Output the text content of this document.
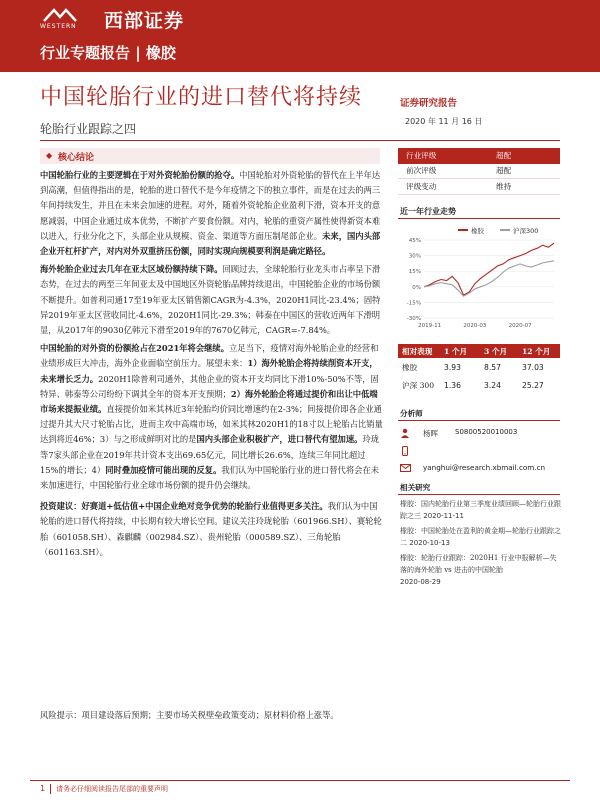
WESTERN 西部证券
行业专题报告 | 橡胶
中国轮胎行业的进口替代将持续	证券研究报告
2020 年 11 月 16 日
轮胎行业跟踪之四
◆ 核心结论

中国轮胎行业的主要逻辑在于对外资轮胎份额的抢夺。中国轮胎对外资轮胎的替代在上半年达到高潮，但值得指出的是，轮胎的进口替代不是今年疫情之下的独立事件，而是在过去的两三年间持续发生，并且在未来会加速的进程。对外，随着外资轮胎企业盈利下滑，资本开支的意愿减弱，中国企业通过成本优势，不断扩产要食份额。对内，轮胎的重资产属性使得新资本难以进入，行业分化之下，头部企业从规模、资金、渠道等方面压制尾部企业。未来，国内头部企业开杠杆扩产，对内对外双重挤压份额，同时实现向规模要利润是确定路径。

海外轮胎企业过去几年在亚太区域份额持续下降。回顾过去，全球轮胎行业龙头市占率呈下滑态势，在过去的两至三年间亚太及中国地区外资轮胎品牌持续退出，中国轮胎企业的市场份额不断提升。如普利司通17至19年亚太区销售额CAGR为-4.3%，2020H1同比-23.4%；固特异2019年亚太区营收同比-4.6%，2020H1同比-29.3%；韩泰在中国区的营收近两年下滑明显，从2017年的9030亿韩元下滑至2019年的7670亿韩元，CAGR=-7.84%。

中国轮胎的对外资的份额抢占在2021年将会继续。立足当下，疫情对海外轮胎企业的经营和业绩形成巨大冲击，海外企业面临空前压力。展望未来：1）海外轮胎企将持续削资本开支，未来增长乏力。2020H1除普利司通外，其他企业的资本开支均同比下滑10%-50%不等，固特异、韩泰等公司纷纷下调其全年的资本开支预期；2）海外轮胎企将通过提价和出让中低端市场来提振业绩。直接提价如米其林近3年轮胎均价同比增速约在2-3%；间接提价即各企业通过提升其大尺寸轮胎占比，进而主攻中高端市场，如米其林2020H1的18寸以上轮胎占比销量达到将近46%；3）与之形成鲜明对比的是国内头部企业积极扩产，进口替代有望加速。玲珑等7家头部企业在2019年共计资本支出69.65亿元，同比增长26.6%，连续三年同比超过15%的增长；4）同时叠加疫情可能出现的反复。我们认为中国轮胎行业的进口替代将会在未来加速进行，中国轮胎行业全球市场份额的提升仍会继续。

投资建议：好赛道+低估值+中国企业绝对竞争优势的轮胎行业值得更多关注。我们认为中国轮胎的进口替代将持续，中长期有较大增长空间。建议关注玲珑轮胎（601966.SH）、赛轮轮胎（601058.SH）、森麒麟（002984.SZ）、贵州轮胎（000589.SZ）、三角轮胎（601163.SH）。

风险提示：项目建设落后预期；主要市场关税壁垒政策变动；原材料价格上涨等。
1 请务必仔细阅读报告尾部的重要声明
行业评级	超配
前次评级	超配
评级变动	维持
近一年行业走势
-30%
-15%
0%
15%
30%
45%
2019-11	2020-03	2020-07
橡胶	沪深300
相对表现	1 个月	3 个月	12 个月
橡胶	3.93	8.57	37.03
沪深 300	1.36	3.24	25.27
分析师
杨晖 S0800520010003
yanghui@research.xbmail.com.cn
相关研究
橡胶：国内轮胎行业第三季度业绩回顾—轮胎行业跟踪之三 2020-11-11
橡胶：中国轮胎处在盈利的黄金期—轮胎行业跟踪之二 2020-10-13
橡胶：轮胎行业跟踪：2020H1 行业中报解析—失落的海外轮胎 vs 进击的中国轮胎
2020-08-29
